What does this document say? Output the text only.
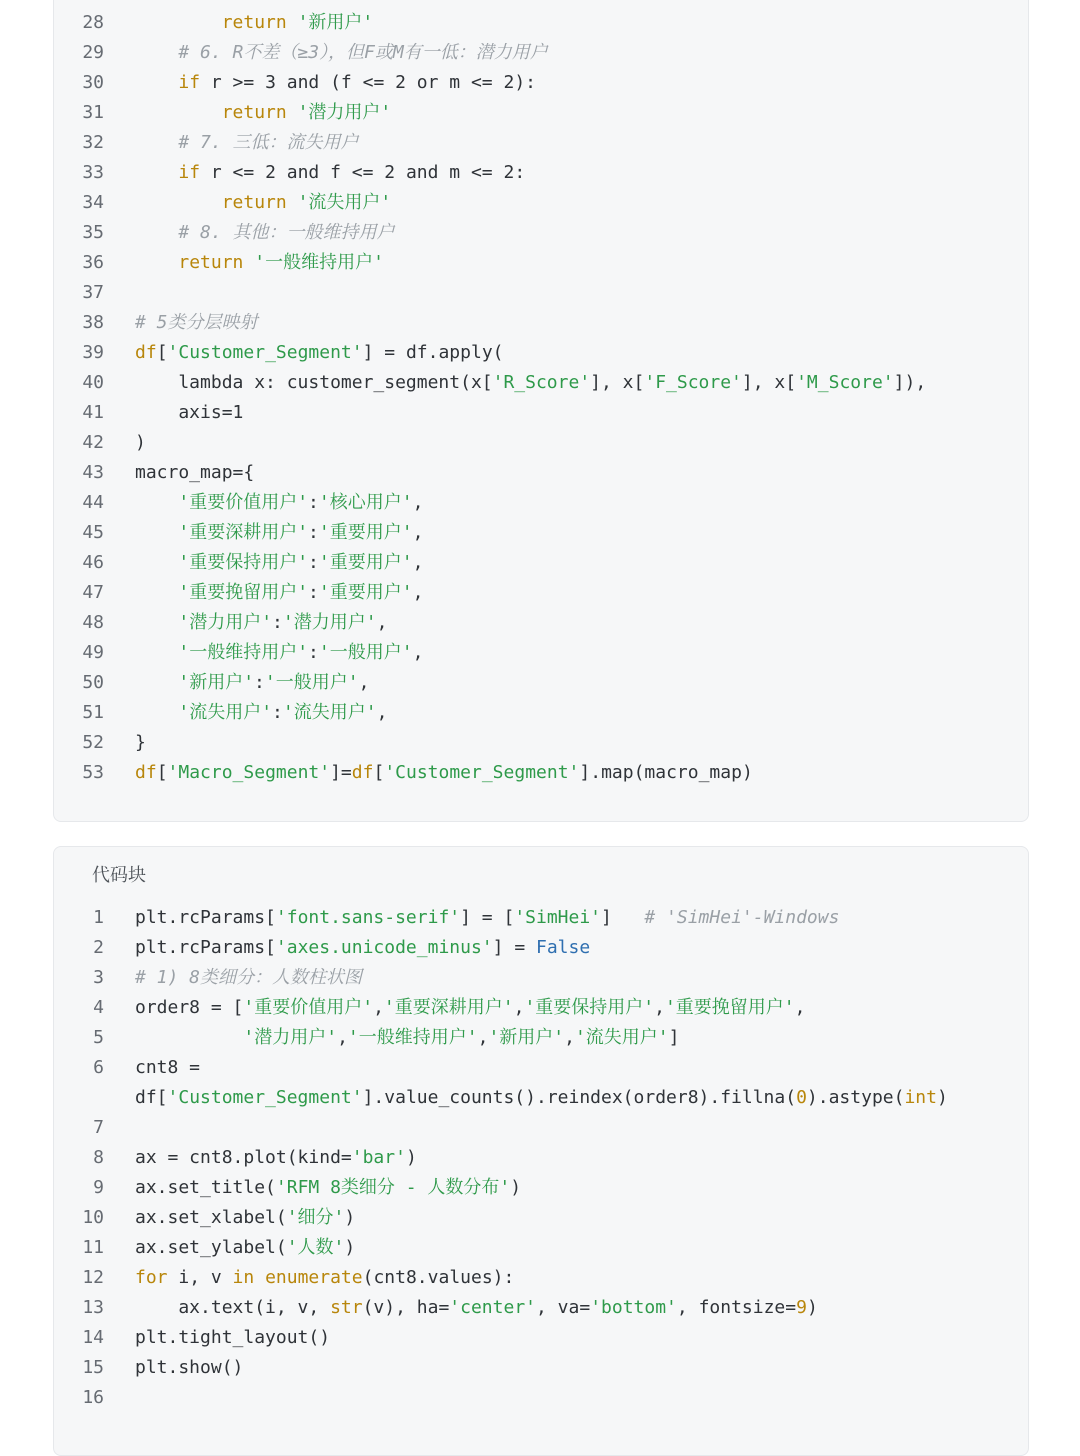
28	return '新用户'
29	# 6. R不差（≥3），但F或M有一低：潜力用户
30	if r >= 3 and (f <= 2 or m <= 2):
31	return '潜力用户'
32	# 7. 三低：流失用户
33	if r <= 2 and f <= 2 and m <= 2:
34	return '流失用户'
35	# 8. 其他：一般维持用户
36	return '一般维持用户'
37
38 # 5类分层映射
39 df['Customer_Segment'] = df.apply(
40 lambda x: customer_segment(x['R_Score'], x['F_Score'], x['M_Score']),
41 axis=1
42 )
43 macro_map={
44	'重要价值用户':'核心用户',
45	'重要深耕用户':'重要用户',
46	'重要保持用户':'重要用户',
47	'重要挽留用户':'重要用户',
48	'潜力用户':'潜力用户',
49	'一般维持用户':'一般用户',
50	'新用户':'一般用户',
51	'流失用户':'流失用户',
52 }
53 df['Macro_Segment']=df['Customer_Segment'].map(macro_map)
代码块
1 plt.rcParams['font.sans-serif'] = ['SimHei']   # 'SimHei'-Windows
2 plt.rcParams['axes.unicode_minus'] = False
3 # 1) 8类细分：人数柱状图
4 order8 = ['重要价值用户','重要深耕用户','重要保持用户','重要挽留用户',
5	'潜力用户','一般维持用户','新用户','流失用户']
6 cnt8 =
df['Customer_Segment'].value_counts().reindex(order8).fillna(0).astype(int)
7
8 ax = cnt8.plot(kind='bar')
9 ax.set_title('RFM 8类细分 - 人数分布')
10 ax.set_xlabel('细分')
11 ax.set_ylabel('人数')
12 for i, v in enumerate(cnt8.values):
13 ax.text(i, v, str(v), ha='center', va='bottom', fontsize=9)
14 plt.tight_layout()
15 plt.show()
16
